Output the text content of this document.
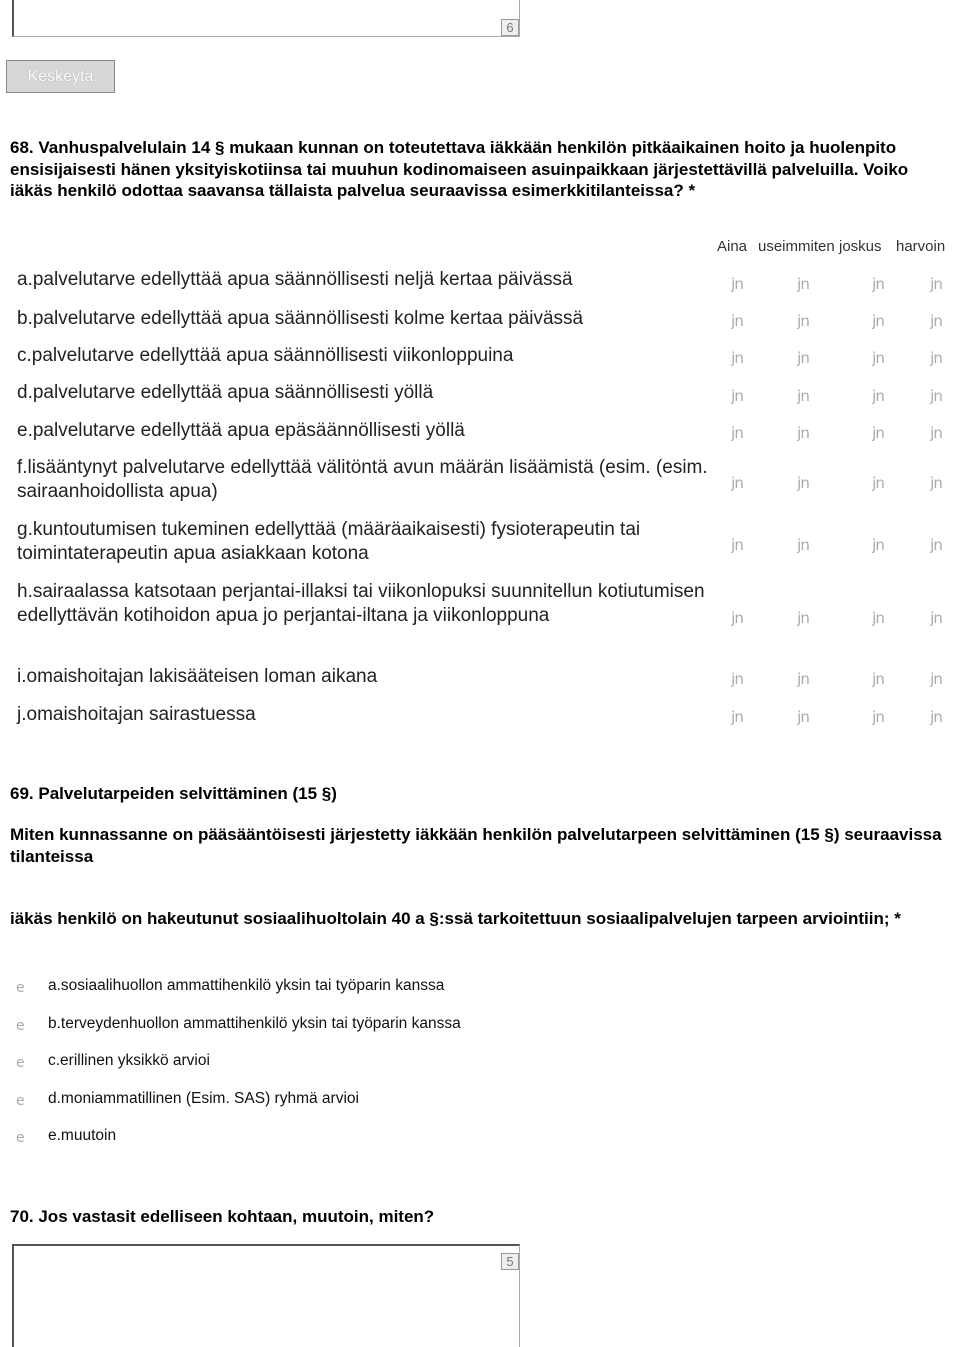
6
Keskeytä
68. Vanhuspalvelulain 14 § mukaan kunnan on toteutettava iäkkään henkilön pitkäaikainen hoito ja huolenpito ensisijaisesti hänen yksityiskotiinsa tai muuhun kodinomaiseen asuinpaikkaan järjestettävillä palveluilla. Voiko iäkäs henkilö odottaa saavansa tällaista palvelua seuraavissa esimerkkitilanteissa? *
Aina useimmiten joskus harvoin
a.palvelutarve edellyttää apua säännöllisesti neljä kertaa päivässä	jn	jn	jn	jn
b.palvelutarve edellyttää apua säännöllisesti kolme kertaa päivässä	jn	jn	jn	jn
c.palvelutarve edellyttää apua säännöllisesti viikonloppuina	jn	jn	jn	jn
d.palvelutarve edellyttää apua säännöllisesti yöllä	jn	jn	jn	jn
e.palvelutarve edellyttää apua epäsäännöllisesti yöllä	jn	jn	jn	jn
f.lisääntynyt palvelutarve edellyttää välitöntä avun määrän lisäämistä (esim. (esim. sairaanhoidollista apua)	jn	jn	jn	jn
g.kuntoutumisen tukeminen edellyttää (määräaikaisesti) fysioterapeutin tai toimintaterapeutin apua asiakkaan kotona	jn	jn	jn	jn
h.sairaalassa katsotaan perjantai-illaksi tai viikonlopuksi suunnitellun kotiutumisen edellyttävän kotihoidon apua jo perjantai-iltana ja viikonloppuna	jn	jn	jn	jn
i.omaishoitajan lakisääteisen loman aikana	jn	jn	jn	jn
j.omaishoitajan sairastuessa	jn	jn	jn	jn
69. Palvelutarpeiden selvittäminen (15 §)
Miten kunnassanne on pääsääntöisesti järjestetty iäkkään henkilön palvelutarpeen selvittäminen (15 §) seuraavissa tilanteissa
iäkäs henkilö on hakeutunut sosiaalihuoltolain 40 a §:ssä tarkoitettuun sosiaalipalvelujen tarpeen arviointiin; *
e	a.sosiaalihuollon ammattihenkilö yksin tai työparin kanssa
e	b.terveydenhuollon ammattihenkilö yksin tai työparin kanssa
e	c.erillinen yksikkö arvioi
e	d.moniammatillinen (Esim. SAS) ryhmä arvioi
e	e.muutoin
70. Jos vastasit edelliseen kohtaan, muutoin, miten?
5
